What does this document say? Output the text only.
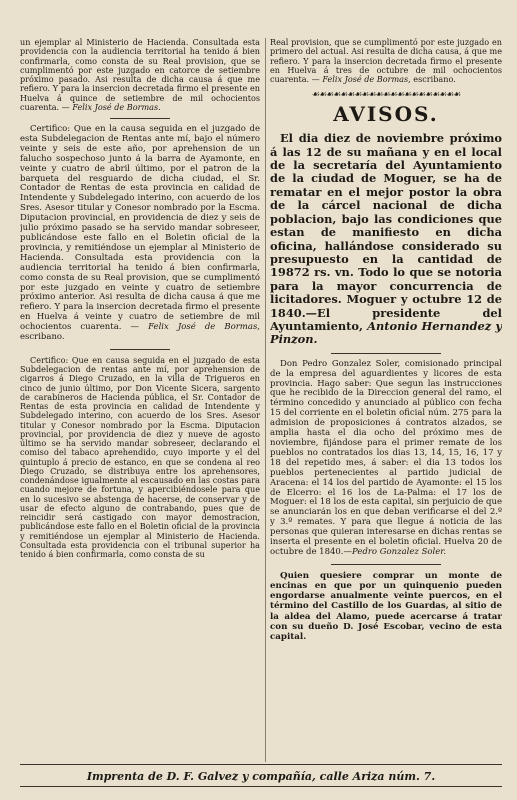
un ejemplar al Ministerio de Hacienda. Consultada esta providencia con la audiencia territorial ha tenido á bien confirmarla, como consta de su Real provision, que se cumplimentó por este juzgado en catorce de setiembre próximo pasado. Asi resulta de dicha causa á que me refiero. Y para la insercion decretada firmo el presente en Huelva á quince de setiembre de mil ochocientos cuarenta. — Felix José de Bormas.

Certifico: Que en la causa seguida en el juzgado de esta Subdelegacion de Rentas ante mí, bajo el número veinte y seis de este año, por aprehension de un falucho sospechoso junto á la barra de Ayamonte, en veinte y cuatro de abril último, por el patron de la barqueta del resguardo de dicha ciudad, el Sr. Contador de Rentas de esta provincia en calidad de Intendente y Subdelegado interino, con acuerdo de los Sres. Asesor titular y Conesor nombrado por la Escma. Diputacion provincial, en providencia de diez y seis de julio próximo pasado se ha servido mandar sobreseer, publicándose este fallo en el Boletin oficial de la provincia, y remitiéndose un ejemplar al Ministerio de Hacienda. Consultada esta providencia con la audiencia territorial ha tenido á bien confirmarla, como consta de su Real provision, que se cumplimentó por este juzgado en veinte y cuatro de setiembre próximo anterior. Asi resulta de dicha causa á que me refiero. Y para la insercion decretada firmo el presente en Huelva á veinte y cuatro de setiembre de mil ochocientos cuarenta. — Felix José de Bormas, escribano.

Certifico: Que en causa seguida en el juzgado de esta Subdelegacion de rentas ante mí, por aprehension de cigarros á Diego Cruzado, en la villa de Trigueros en cinco de junio último, por Don Vicente Sicera, sargento de carabineros de Hacienda pública, el Sr. Contador de Rentas de esta provincia en calidad de Intendente y Subdelegado interino, con acuerdo de los Sres. Asesor titular y Conesor nombrado por la Escma. Diputacion provincial, por providencia de diez y nueve de agosto último se ha servido mandar sobreseer, declarando el comiso del tabaco aprehendido, cuyo importe y el del quintuplo á precio de estanco, en que se condena al reo Diego Cruzado, se distribuya entre los aprehensores, condenándose igualmente al escausado en las costas para cuando mejore de fortuna, y apercibiéndosele para que en lo sucesivo se abstenga de hacerse, de conservar y de usar de efecto alguno de contrabando, pues que de reincidir será castigado con mayor demostracion, publicándose este fallo en el Boletin oficial de la provincia y remitiéndose un ejemplar al Ministerio de Hacienda. Consultada esta providencia con el tribunal superior ha tenido á bien confirmarla, como consta de su

Real provision, que se cumplimentó por este juzgado en primero del actual. Asi resulta de dicha causa, á que me refiero. Y para la insercion decretada firmo el presente en Huelva á tres de octubre de mil ochocientos cuarenta. — Felix José de Bormas, escribano.

☙☙☙☙☙☙☙☙☙☙☙☙☙☙☙☙☙☙☙☙☙
AVISOS.

El dia diez de noviembre próximo á las 12 de su mañana y en el local de la secretaría del Ayuntamiento de la ciudad de Moguer, se ha de rematar en el mejor postor la obra de la cárcel nacional de dicha poblacion, bajo las condiciones que estan de manifiesto en dicha oficina, hallándose considerado su presupuesto en la cantidad de 19872 rs. vn. Todo lo que se notoria para la mayor concurrencia de licitadores. Moguer y octubre 12 de 1840.—El presidente del Ayuntamiento, Antonio Hernandez y Pinzon.

Don Pedro Gonzalez Soler, comisionado principal de la empresa del aguardientes y licores de esta provincia. Hago saber: Que segun las instrucciones que he recibido de la Direccion general del ramo, el término concedido y anunciado al público con fecha 15 del corriente en el boletin oficial núm. 275 para la admision de proposiciones á contratos alzados, se amplia hasta el dia ocho del próximo mes de noviembre, fijándose para el primer remate de los pueblos no contratados los dias 13, 14, 15, 16, 17 y 18 del repetido mes, á saber: el dia 13 todos los pueblos pertenecientes al partido judicial de Aracena: el 14 los del partido de Ayamonte: el 15 los de Elcerro: el 16 los de La-Palma: el 17 los de Moguer: el 18 los de esta capital, sin perjuicio de que se anunciarán los en que deban verificarse el del 2.º y 3.º remates. Y para que llegue á noticia de las personas que quieran interesarse en dichas rentas se inserta el presente en el boletin oficial. Huelva 20 de octubre de 1840.—Pedro Gonzalez Soler.

Quien quesiere comprar un monte de encinas en que por un quinquenio pueden engordarse anualmente veinte puercos, en el término del Castillo de los Guardas, al sitio de la aldea del Alamo, puede acercarse á tratar con su dueño D. José Escobar, vecino de esta capital.

Imprenta de D. F. Galvez y compañía, calle Ariza núm. 7.
